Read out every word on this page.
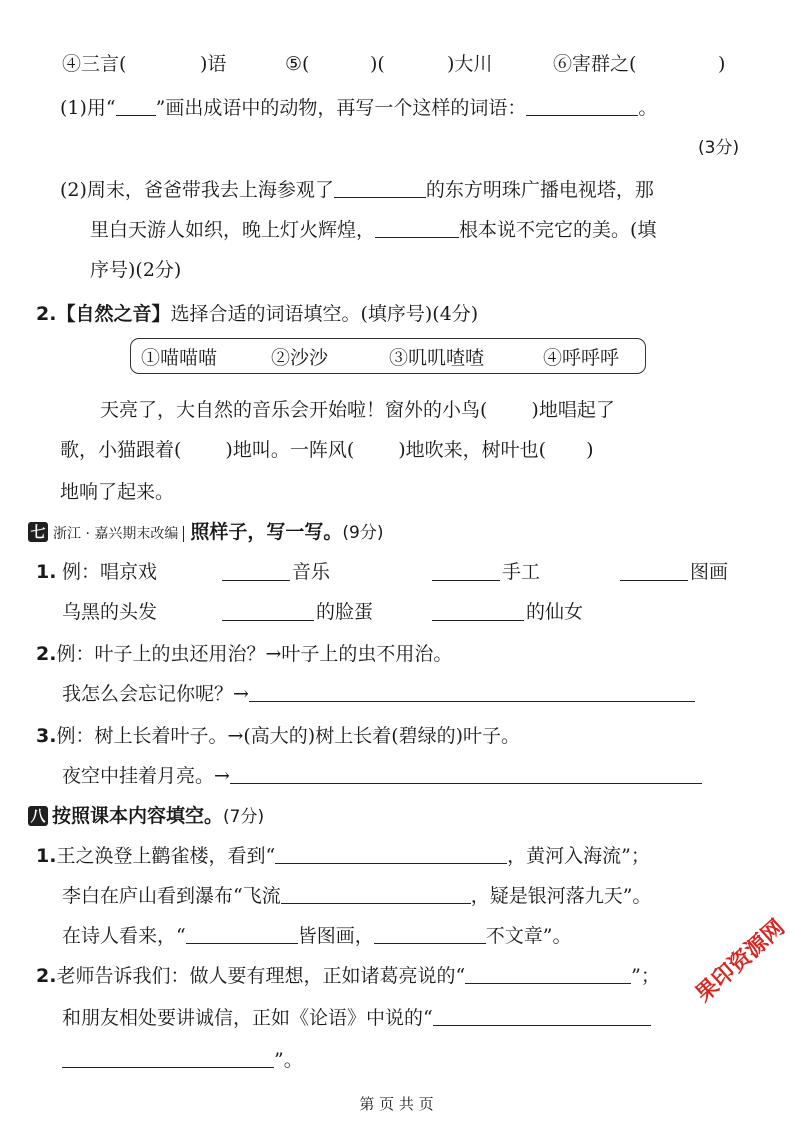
④三言(	)语	⑤(	)(	)大川	⑥害群之(	)
(1)用“ ”画出成语中的动物，再写一个这样的词语：	。
(3分)
(2)周末，爸爸带我去上海参观了	的东方明珠广播电视塔，那
里白天游人如织，晚上灯火辉煌，	根本说不完它的美。(填
序号)(2分)
2.【自然之音】选择合适的词语填空。(填序号)(4分)
①喵喵喵	②沙沙	③叽叽喳喳	④呼呼呼
天亮了，大自然的音乐会开始啦！窗外的小鸟( )地唱起了
歌，小猫跟着( )地叫。一阵风( )地吹来，树叶也( )
地响了起来。
七 浙江 · 嘉兴期末改编 照样子，写一写。(9分)
1. 例：唱京戏	音乐	手工	图画
乌黑的头发	的脸蛋	的仙女
2.例：叶子上的虫还用治？→叶子上的虫不用治。
我怎么会忘记你呢？→
3.例：树上长着叶子。→(高大的)树上长着(碧绿的)叶子。
夜空中挂着月亮。→
八 按照课本内容填空。(7分)
1.王之涣登上鹳雀楼，看到“	，黄河入海流”；
李白在庐山看到瀑布“飞流	，疑是银河落九天”。
在诗人看来，“	皆图画，	不文章”。
2.老师告诉我们：做人要有理想，正如诸葛亮说的“	”；
和朋友相处要讲诚信，正如《论语》中说的“
”。
果印资源网
第 页 共 页
